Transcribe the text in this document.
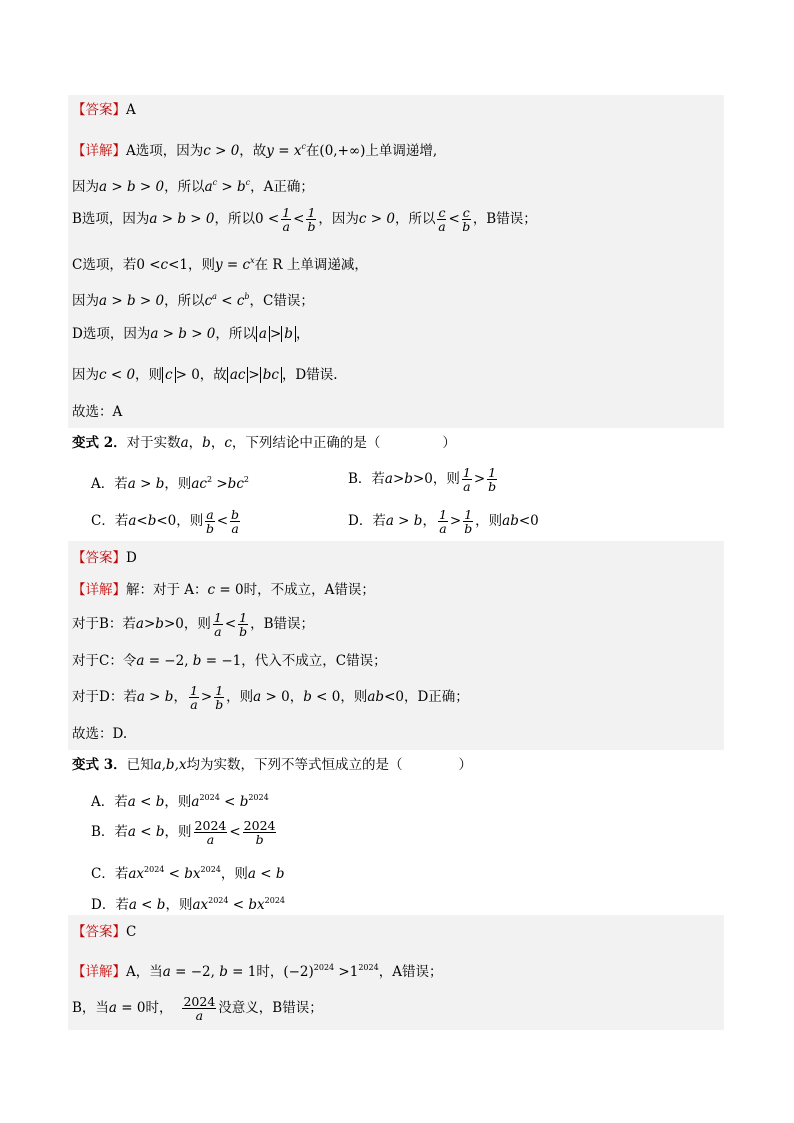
【答案】A
【详解】A选项，因为c > 0，故$y = x^c$在(0,+∞)上单调递增,
因为a > b > 0，所以$a^c > b^c$，A正确；
B选项，因为a > b > 0，所以$0 < \frac{1}{a} < \frac{1}{b}$ ，因为c > 0，所以 $\frac{c}{a} < \frac{c}{b}$ ，B错误；
C选项，若0 <c<1，则$y = c^x$在 R 上单调递减，
因为a > b > 0，所以$c^a < c^b$，C错误；
D选项，因为a > b > 0，所以 a > b ，
因为c < 0，则 c > 0，故 ac > bc ，D错误.
故选：A
变式 2．对于实数a，b，c，下列结论中正确的是（	）
A．若a > b，则$ac^2 >bc^2$	B．若a>b>0，则 $\frac{1}{a} > \frac{1}{b}$
C．若a<b<0，则 $\frac{a}{b} < \frac{b}{a}$	D．若a > b， $\frac{1}{a} > \frac{1}{b}$ ，则ab<0
【答案】D
【详解】解：对于 A：c = 0时，不成立，A错误；
对于B：若a>b>0，则 $\frac{1}{a} < \frac{1}{b}$ ，B错误；
对于C：令a = −2, b = −1，代入不成立，C错误；
对于D：若a > b， $\frac{1}{a} > \frac{1}{b}$ ，则a > 0，b < 0，则ab<0，D正确；
故选：D.
变式 3．已知a,b,x均为实数，下列不等式恒成立的是（	）
A．若a < b，则$a^{2024} < b^{2024}$
B．若a < b，则 $\frac{2024}{a} < \frac{2024}{b}$
C．若$ax^{2024} < bx^{2024}$，则a < b
D．若a < b，则$ax^{2024} < bx^{2024}$
【答案】C
【详解】A，当a = −2, b = 1时，$(-2)^{2024} >1^{2024}$，A错误；
B，当a = 0时， $\frac{2024}{a}$ 没意义，B错误；
